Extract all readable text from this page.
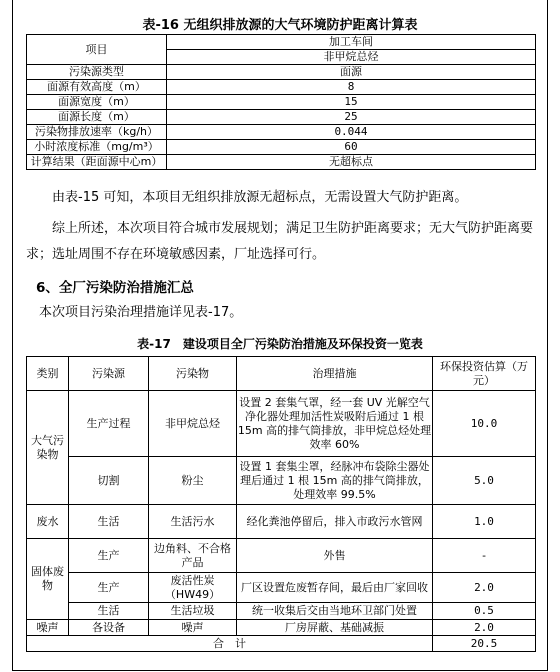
表-16 无组织排放源的大气环境防护距离计算表
项目	加工车间
	非甲烷总烃
污染源类型	面源
面源有效高度（m）	8
面源宽度（m）	15
面源长度（m）	25
污染物排放速率（kg/h）	0.044
小时浓度标准（mg/m³）	60
计算结果（距面源中心m）	无超标点
由表-15 可知，本项目无组织排放源无超标点，无需设置大气防护距离。
综上所述，本次项目符合城市发展规划；满足卫生防护距离要求；无大气防护距离要求；选址周围不存在环境敏感因素，厂址选择可行。
6、全厂污染防治措施汇总
本次项目污染治理措施详见表-17。
表-17　建设项目全厂污染防治措施及环保投资一览表
类别	污染源	污染物	治理措施	环保投资估算（万元）
大气污染物	生产过程	非甲烷总烃	设置 2 套集气罩，经一套 UV 光解空气净化器处理加活性炭吸附后通过 1 根 15m 高的排气筒排放，非甲烷总烃处理效率 60%	10.0
	切割	粉尘	设置 1 套集尘罩，经脉冲布袋除尘器处理后通过 1 根 15m 高的排气筒排放，处理效率 99.5%	5.0
废水	生活	生活污水	经化粪池停留后，排入市政污水管网	1.0
固体废物	生产	边角料、不合格产品	外售	-
	生产	废活性炭（HW49）	厂区设置危废暂存间，最后由厂家回收	2.0
	生活	生活垃圾	统一收集后交由当地环卫部门处置	0.5
噪声	各设备	噪声	厂房屏蔽、基础减振	2.0
合　计				20.5
